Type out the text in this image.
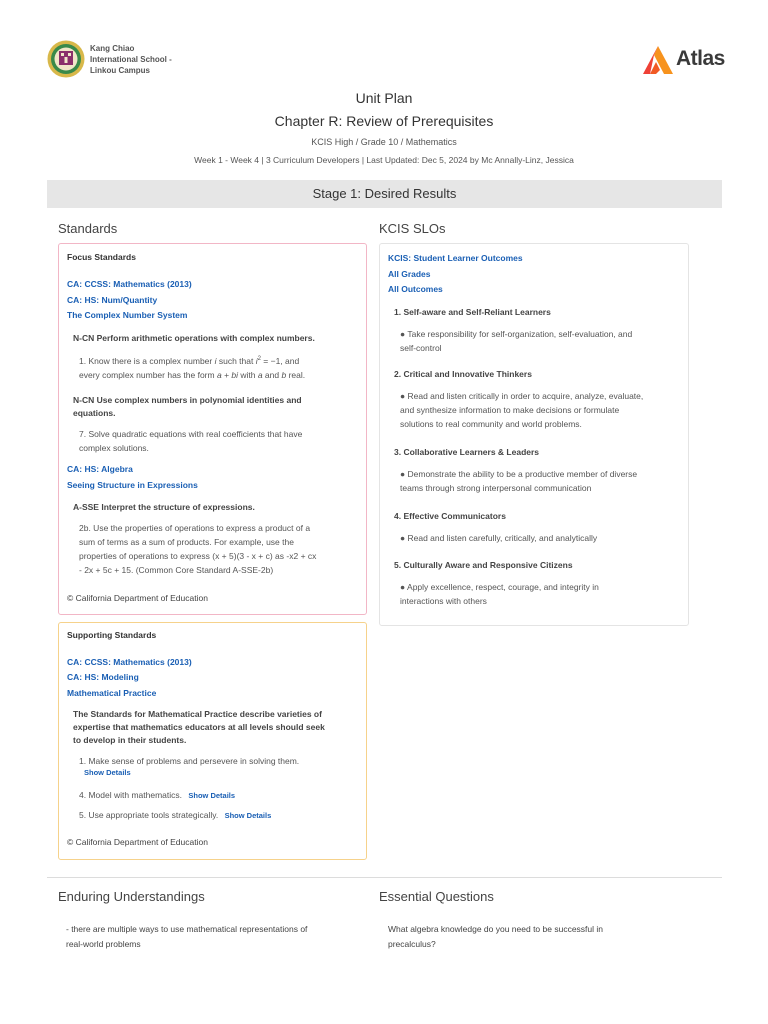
Kang Chiao
International School -
Linkou Campus
Atlas
Unit Plan
Chapter R: Review of Prerequisites
KCIS High / Grade 10 / Mathematics
Week 1 - Week 4 | 3 Curriculum Developers | Last Updated: Dec 5, 2024 by Mc Annally-Linz, Jessica
Stage 1: Desired Results
Standards	KCIS SLOs
Focus Standards
CA: CCSS: Mathematics (2013)
CA: HS: Num/Quantity
The Complex Number System
N-CN Perform arithmetic operations with complex numbers.
1. Know there is a complex number i such that $i^2 = -1$, and
every complex number has the form a + bi with a and b real.
N-CN Use complex numbers in polynomial identities and
equations.
7. Solve quadratic equations with real coefficients that have
complex solutions.
CA: HS: Algebra
Seeing Structure in Expressions
A-SSE Interpret the structure of expressions.
2b. Use the properties of operations to express a product of a
sum of terms as a sum of products. For example, use the
properties of operations to express (x + 5)(3 - x + c) as -x2 + cx
- 2x + 5c + 15. (Common Core Standard A-SSE-2b)
© California Department of Education
Supporting Standards
CA: CCSS: Mathematics (2013)
CA: HS: Modeling
Mathematical Practice
The Standards for Mathematical Practice describe varieties of
expertise that mathematics educators at all levels should seek
to develop in their students.
1. Make sense of problems and persevere in solving them.
Show Details
4. Model with mathematics. Show Details
5. Use appropriate tools strategically. Show Details
© California Department of Education
KCIS: Student Learner Outcomes
All Grades
All Outcomes
1. Self-aware and Self-Reliant Learners
● Take responsibility for self-organization, self-evaluation, and
self-control
2. Critical and Innovative Thinkers
● Read and listen critically in order to acquire, analyze, evaluate,
and synthesize information to make decisions or formulate
solutions to real community and world problems.
3. Collaborative Learners & Leaders
● Demonstrate the ability to be a productive member of diverse
teams through strong interpersonal communication
4. Effective Communicators
● Read and listen carefully, critically, and analytically
5. Culturally Aware and Responsive Citizens
● Apply excellence, respect, courage, and integrity in
interactions with others
Enduring Understandings	Essential Questions
- there are multiple ways to use mathematical representations of
real-world problems
What algebra knowledge do you need to be successful in
precalculus?
